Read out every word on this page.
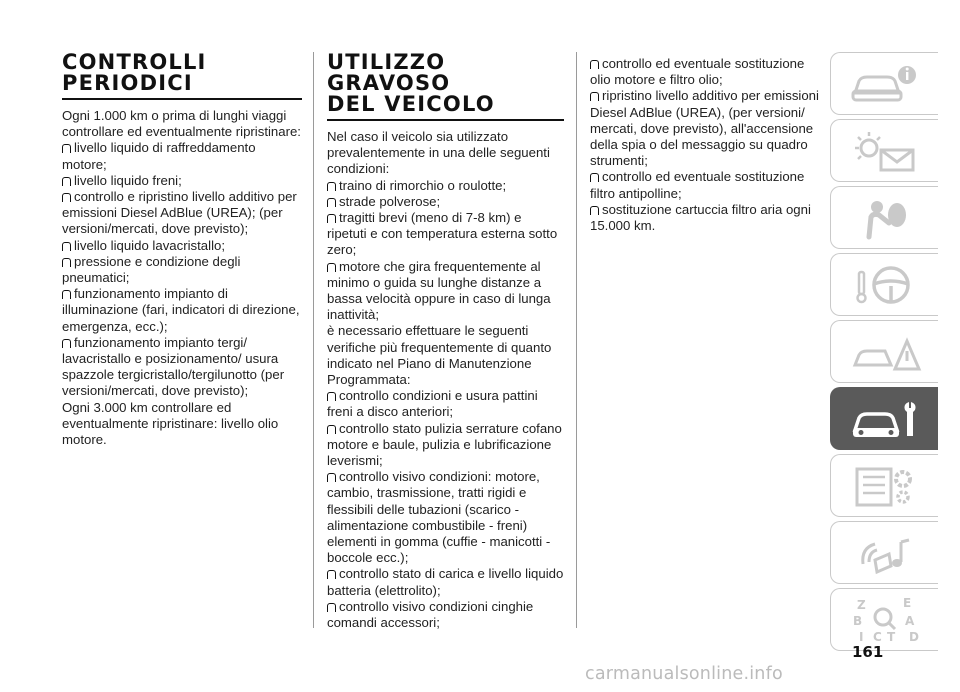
CONTROLLI
PERIODICI

Ogni 1.000 km o prima di lunghi viaggi controllare ed eventualmente ripristinare:

livello liquido di raffreddamento motore;
livello liquido freni;
controllo e ripristino livello additivo per emissioni Diesel AdBlue (UREA); (per versioni/mercati, dove previsto);
livello liquido lavacristallo;
pressione e condizione degli pneumatici;
funzionamento impianto di illuminazione (fari, indicatori di direzione, emergenza, ecc.);
funzionamento impianto tergi/ lavacristallo e posizionamento/ usura spazzole tergicristallo/tergilunotto (per versioni/mercati, dove previsto);

Ogni 3.000 km controllare ed eventualmente ripristinare: livello olio motore.

UTILIZZO GRAVOSO
DEL VEICOLO

Nel caso il veicolo sia utilizzato prevalentemente in una delle seguenti condizioni:

traino di rimorchio o roulotte;
strade polverose;
tragitti brevi (meno di 7-8 km) e ripetuti e con temperatura esterna sotto zero;
motore che gira frequentemente al minimo o guida su lunghe distanze a bassa velocità oppure in caso di lunga inattività;

è necessario effettuare le seguenti verifiche più frequentemente di quanto indicato nel Piano di Manutenzione Programmata:

controllo condizioni e usura pattini freni a disco anteriori;
controllo stato pulizia serrature cofano motore e baule, pulizia e lubrificazione leverismi;
controllo visivo condizioni: motore, cambio, trasmissione, tratti rigidi e flessibili delle tubazioni (scarico - alimentazione combustibile - freni) elementi in gomma (cuffie - manicotti - boccole ecc.);
controllo stato di carica e livello liquido batteria (elettrolito);
controllo visivo condizioni cinghie comandi accessori;
controllo ed eventuale sostituzione olio motore e filtro olio;
ripristino livello additivo per emissioni Diesel AdBlue (UREA), (per versioni/ mercati, dove previsto), all'accensione della spia o del messaggio su quadro strumenti;
controllo ed eventuale sostituzione filtro antipolline;
sostituzione cartuccia filtro aria ogni 15.000 km.
Z	E
B	A
I C T D
161
carmanualsonline.info
